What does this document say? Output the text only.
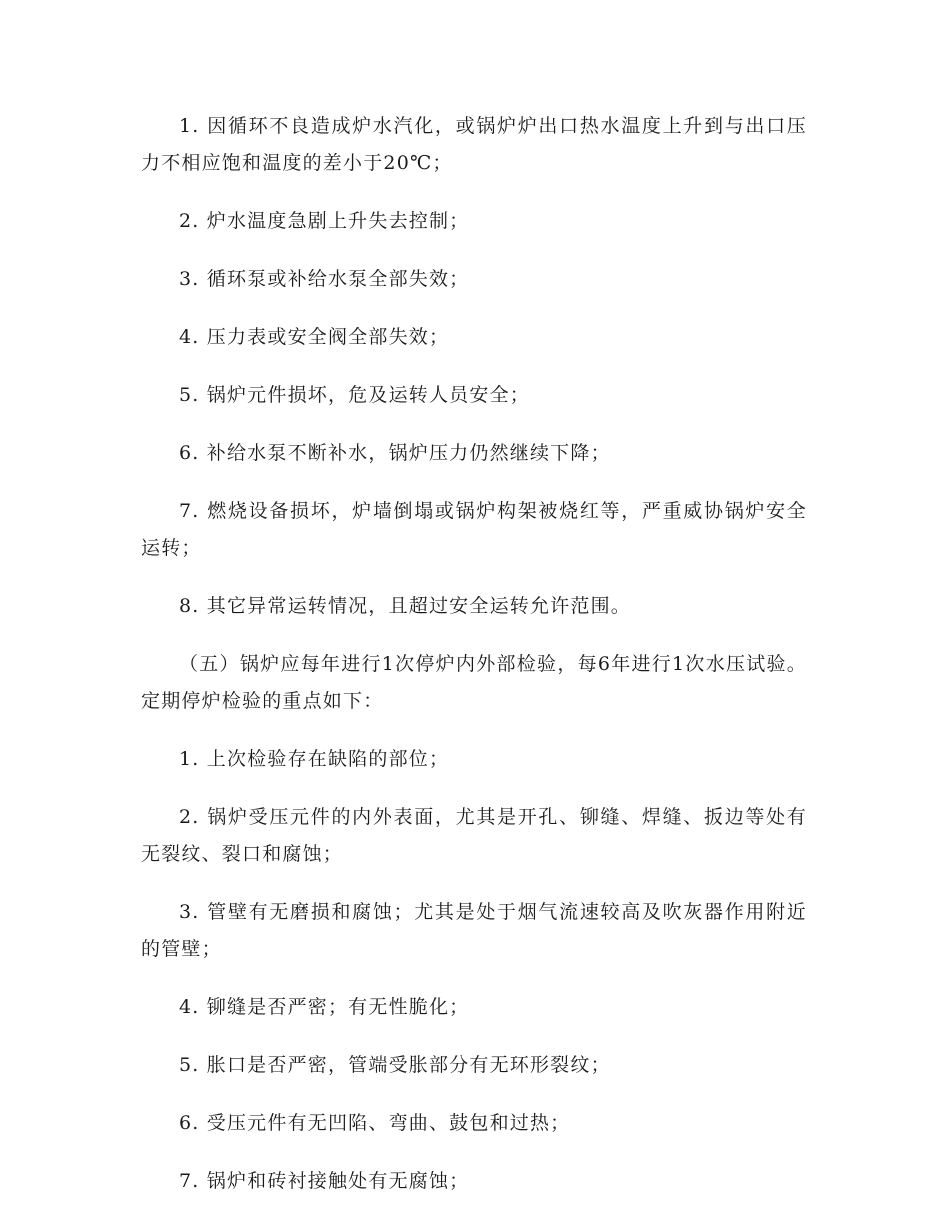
1. 因循环不良造成炉水汽化，或锅炉炉出口热水温度上升到与出口压力不相应饱和温度的差小于20℃；

2. 炉水温度急剧上升失去控制；

3. 循环泵或补给水泵全部失效；

4. 压力表或安全阀全部失效；

5. 锅炉元件损坏，危及运转人员安全；

6. 补给水泵不断补水，锅炉压力仍然继续下降；

7. 燃烧设备损坏，炉墙倒塌或锅炉构架被烧红等，严重威协锅炉安全运转；

8. 其它异常运转情况，且超过安全运转允许范围。

（五）锅炉应每年进行1次停炉内外部检验，每6年进行1次水压试验。定期停炉检验的重点如下：

1. 上次检验存在缺陷的部位；

2. 锅炉受压元件的内外表面，尤其是开孔、铆缝、焊缝、扳边等处有无裂纹、裂口和腐蚀；

3. 管壁有无磨损和腐蚀；尤其是处于烟气流速较高及吹灰器作用附近的管壁；

4. 铆缝是否严密；有无性脆化；

5. 胀口是否严密，管端受胀部分有无环形裂纹；

6. 受压元件有无凹陷、弯曲、鼓包和过热；

7. 锅炉和砖衬接触处有无腐蚀；
